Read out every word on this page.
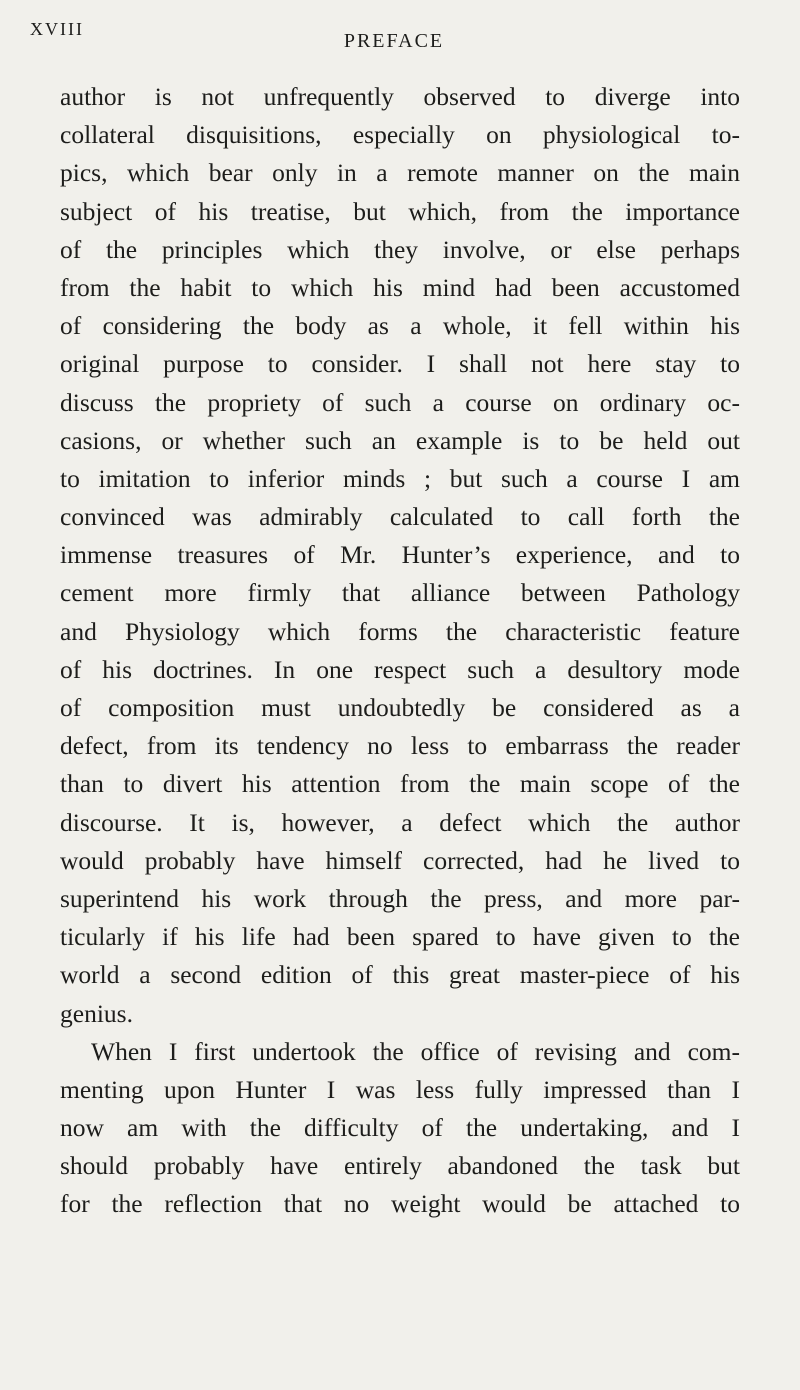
xviii	PREFACE
author is not unfrequently observed to diverge into
collateral disquisitions, especially on physiological to-
pics, which bear only in a remote manner on the main
subject of his treatise, but which, from the importance
of the principles which they involve, or else perhaps
from the habit to which his mind had been accustomed
of considering the body as a whole, it fell within his
original purpose to consider. I shall not here stay to
discuss the propriety of such a course on ordinary oc-
casions, or whether such an example is to be held out
to imitation to inferior minds ; but such a course I am
convinced was admirably calculated to call forth the
immense treasures of Mr. Hunter’s experience, and to
cement more firmly that alliance between Pathology
and Physiology which forms the characteristic feature
of his doctrines. In one respect such a desultory mode
of composition must undoubtedly be considered as a
defect, from its tendency no less to embarrass the reader
than to divert his attention from the main scope of the
discourse. It is, however, a defect which the author
would probably have himself corrected, had he lived to
superintend his work through the press, and more par-
ticularly if his life had been spared to have given to the
world a second edition of this great master-piece of his
genius.
When I first undertook the office of revising and com-
menting upon Hunter I was less fully impressed than I
now am with the difficulty of the undertaking, and I
should probably have entirely abandoned the task but
for the reflection that no weight would be attached to
